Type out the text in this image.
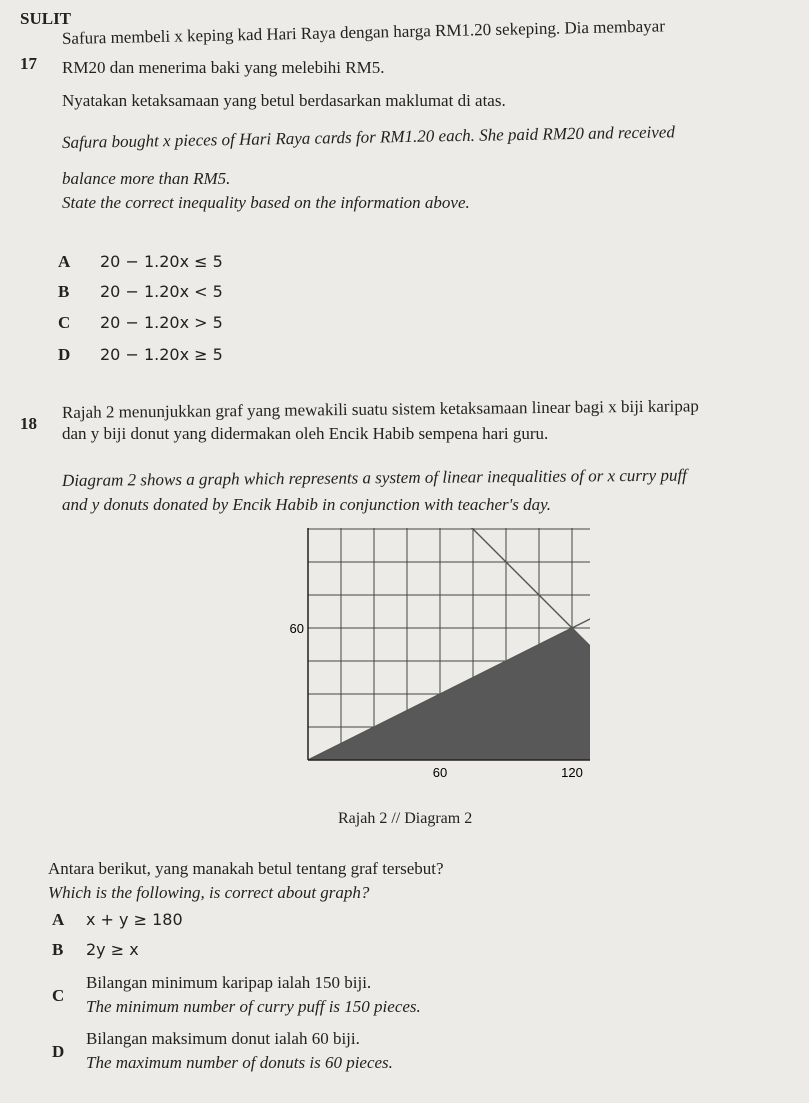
SULIT
17
Safura membeli x keping kad Hari Raya dengan harga RM1.20 sekeping. Dia membayar
RM20 dan menerima baki yang melebihi RM5.
Nyatakan ketaksamaan yang betul berdasarkan maklumat di atas.
Safura bought x pieces of Hari Raya cards for RM1.20 each. She paid RM20 and received
balance more than RM5.
State the correct inequality based on the information above.
A 20 − 1.20x ≤ 5
B 20 − 1.20x < 5
C 20 − 1.20x > 5
D 20 − 1.20x ≥ 5
18
Rajah 2 menunjukkan graf yang mewakili suatu sistem ketaksamaan linear bagi x biji karipap
dan y biji donut yang didermakan oleh Encik Habib sempena hari guru.
Diagram 2 shows a graph which represents a system of linear inequalities of or x curry puff
and y donuts donated by Encik Habib in conjunction with teacher's day.
60	120
60
Rajah 2 // Diagram 2
Antara berikut, yang manakah betul tentang graf tersebut?
Which is the following, is correct about graph?
A x + y ≥ 180
B 2y ≥ x
C
Bilangan minimum karipap ialah 150 biji.
The minimum number of curry puff is 150 pieces.
D
Bilangan maksimum donut ialah 60 biji.
The maximum number of donuts is 60 pieces.
